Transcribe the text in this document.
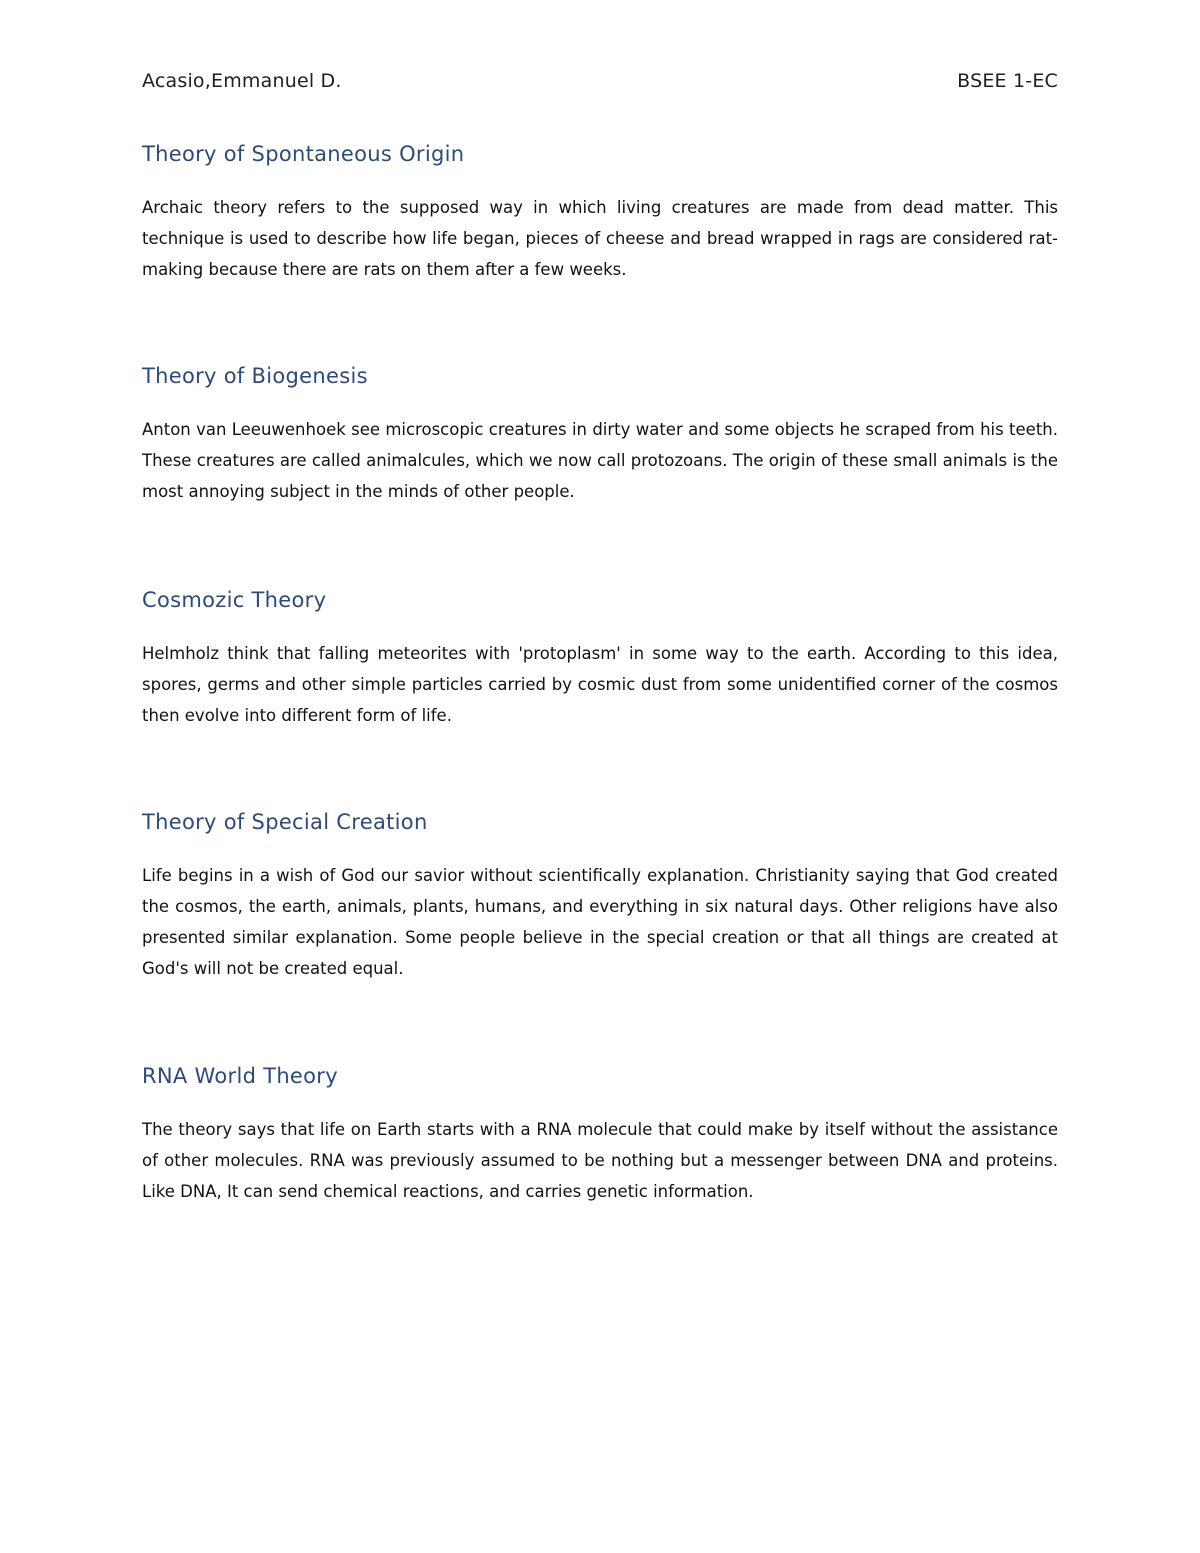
Acasio,Emmanuel D.	BSEE 1-EC
Theory of Spontaneous Origin

Archaic theory refers to the supposed way in which living creatures are made from dead matter. This technique is used to describe how life began, pieces of cheese and bread wrapped in rags are considered rat-making because there are rats on them after a few weeks.

Theory of Biogenesis

Anton van Leeuwenhoek see microscopic creatures in dirty water and some objects he scraped from his teeth. These creatures are called animalcules, which we now call protozoans. The origin of these small animals is the most annoying subject in the minds of other people.

Cosmozic Theory

Helmholz think that falling meteorites with 'protoplasm' in some way to the earth. According to this idea, spores, germs and other simple particles carried by cosmic dust from some unidentified corner of the cosmos then evolve into different form of life.

Theory of Special Creation

Life begins in a wish of God our savior without scientifically explanation. Christianity saying that God created the cosmos, the earth, animals, plants, humans, and everything in six natural days. Other religions have also presented similar explanation. Some people believe in the special creation or that all things are created at God's will not be created equal.

RNA World Theory

The theory says that life on Earth starts with a RNA molecule that could make by itself without the assistance of other molecules. RNA was previously assumed to be nothing but a messenger between DNA and proteins. Like DNA, It can send chemical reactions, and carries genetic information.
